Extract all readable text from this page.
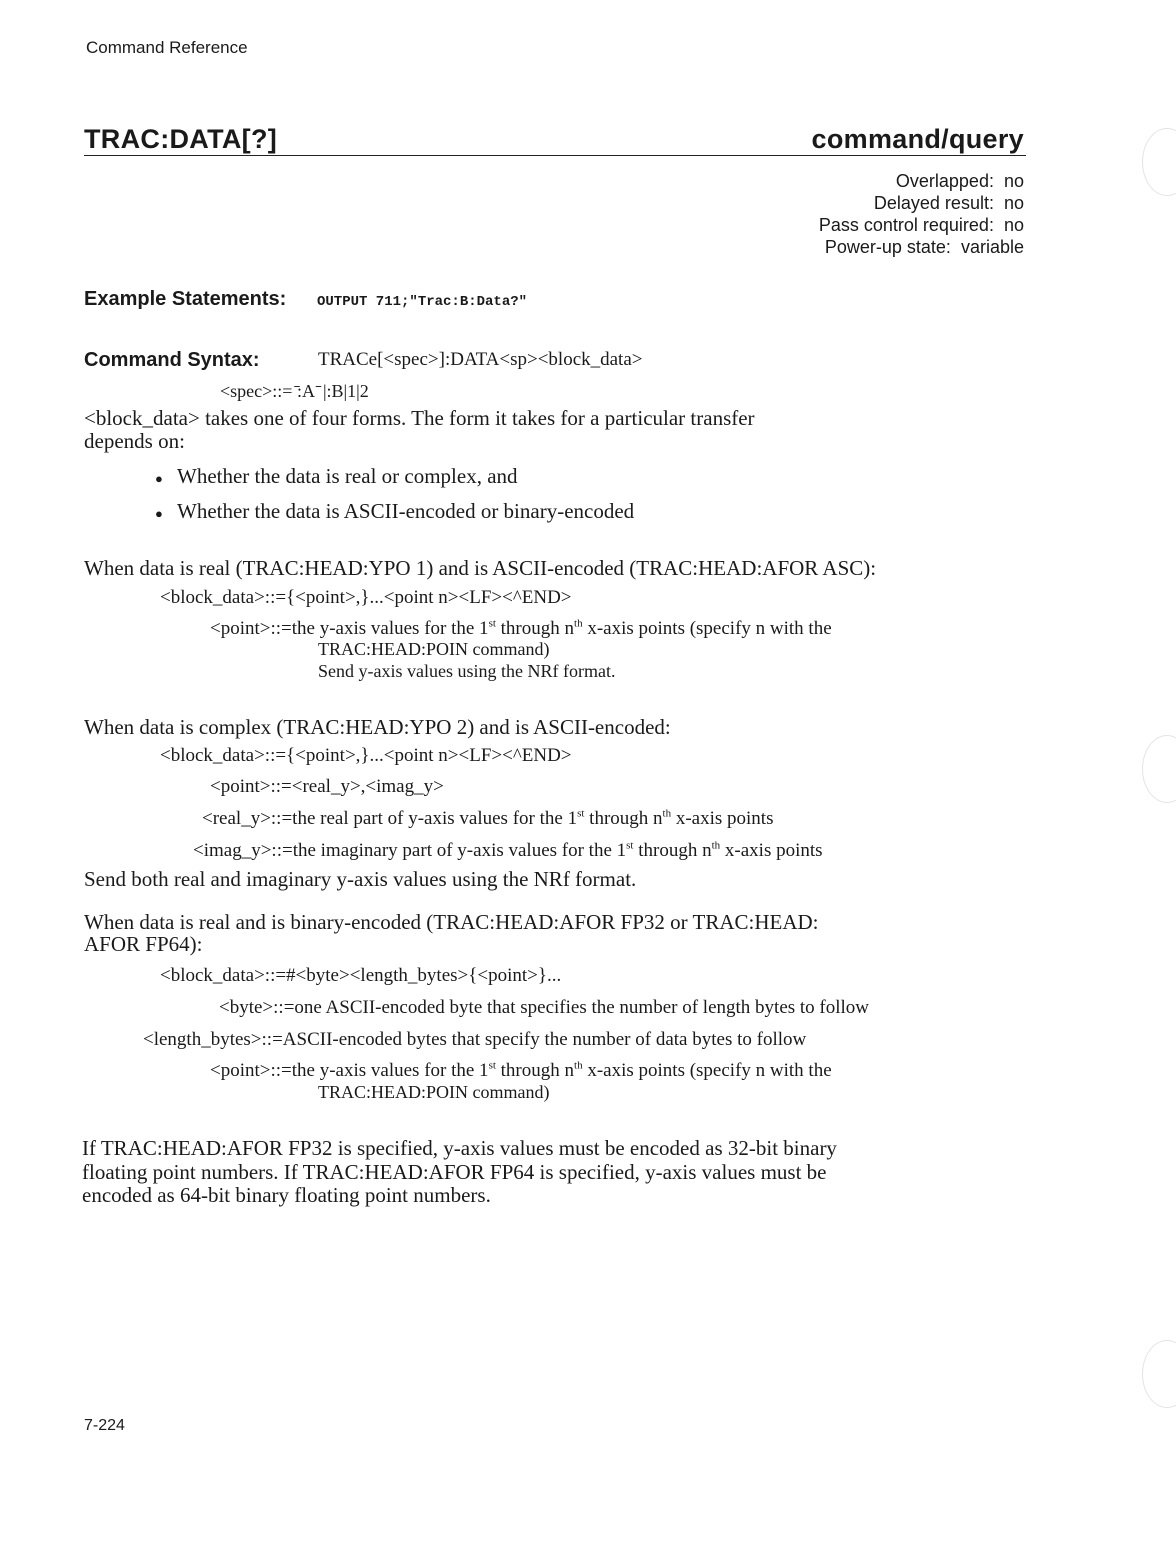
Command Reference
TRAC:DATA[?]	command/query
Overlapped: no
Delayed result: no
Pass control required: no
Power-up state: variable
Example Statements: OUTPUT 711;"Trac:B:Data?"
Command Syntax:	TRACe[<spec>]:DATA<sp><block_data>
<spec>::= ̄:A ̄ |:B|1|2
<block_data> takes one of four forms. The form it takes for a particular transfer
depends on:
● Whether the data is real or complex, and
● Whether the data is ASCII-encoded or binary-encoded
When data is real (TRAC:HEAD:YPO 1) and is ASCII-encoded (TRAC:HEAD:AFOR ASC):
<block_data>::={<point>,}...<point n><LF><^END>
<point>::=the y-axis values for the 1st through $n^{th}$ x-axis points (specify n with the
TRAC:HEAD:POIN command)
Send y-axis values using the NRf format.
When data is complex (TRAC:HEAD:YPO 2) and is ASCII-encoded:
<block_data>::={<point>,}...<point n><LF><^END>
<point>::=<real_y>,<imag_y>
<real_y>::=the real part of y-axis values for the 1st through $n^{th}$ x-axis points
<imag_y>::=the imaginary part of y-axis values for the 1st through $n^{th}$ x-axis points
Send both real and imaginary y-axis values using the NRf format.
When data is real and is binary-encoded (TRAC:HEAD:AFOR FP32 or TRAC:HEAD:
AFOR FP64):
<block_data>::=#<byte><length_bytes>{<point>}...
<byte>::=one ASCII-encoded byte that specifies the number of length bytes to follow
<length_bytes>::=ASCII-encoded bytes that specify the number of data bytes to follow
<point>::=the y-axis values for the 1st through $n^{th}$ x-axis points (specify n with the
TRAC:HEAD:POIN command)
If TRAC:HEAD:AFOR FP32 is specified, y-axis values must be encoded as 32-bit binary
floating point numbers. If TRAC:HEAD:AFOR FP64 is specified, y-axis values must be
encoded as 64-bit binary floating point numbers.
7-224
